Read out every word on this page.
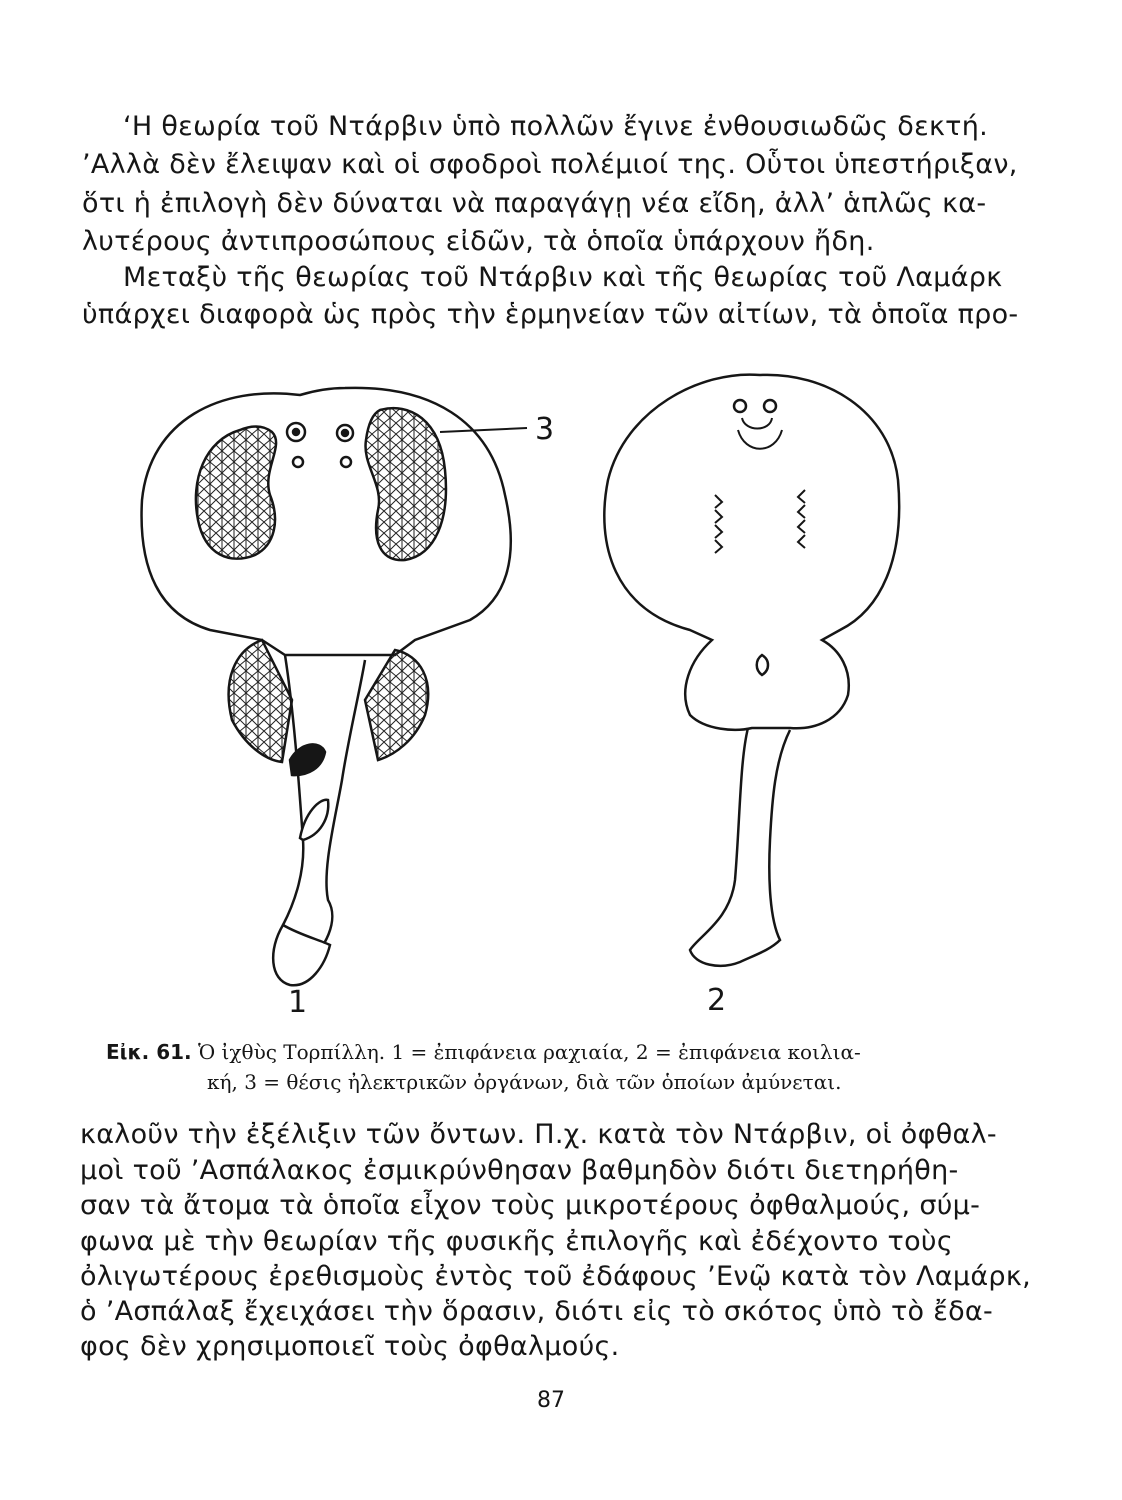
‘Η θεωρία τοῦ Ντάρβιν ὑπὸ πολλῶν ἔγινε ἐνθουσιωδῶς δεκτή.
’Αλλὰ δὲν ἔλειψαν καὶ οἱ σφοδροὶ πολέμιοί της. Οὗτοι ὑπεστήριξαν,
ὅτι ἡ ἐπιλογὴ δὲν δύναται νὰ παραγάγῃ νέα εἴδη, ἀλλ’ ἁπλῶς κα-
λυτέρους ἀντιπροσώπους εἰδῶν, τὰ ὁποῖα ὑπάρχουν ἤδη.
Μεταξὺ τῆς θεωρίας τοῦ Ντάρβιν καὶ τῆς θεωρίας τοῦ Λαμάρκ
ὑπάρχει διαφορὰ ὡς πρὸς τὴν ἑρμηνείαν τῶν αἰτίων, τὰ ὁποῖα προ-
3
1	2
Εἰκ. 61. Ὁ ἰχθὺς Τορπίλλη. 1 = ἐπιφάνεια ραχιαία, 2 = ἐπιφάνεια κοιλια-
κή, 3 = θέσις ἠλεκτρικῶν ὀργάνων, διὰ τῶν ὁποίων ἀμύνεται.
καλοῦν τὴν ἐξέλιξιν τῶν ὄντων. Π.χ. κατὰ τὸν Ντάρβιν, οἱ ὀφθαλ-
μοὶ τοῦ ’Ασπάλακος ἐσμικρύνθησαν βαθμηδὸν διότι διετηρήθη-
σαν τὰ ἄτομα τὰ ὁποῖα εἶχον τοὺς μικροτέρους ὀφθαλμούς, σύμ-
φωνα μὲ τὴν θεωρίαν τῆς φυσικῆς ἐπιλογῆς καὶ ἐδέχοντο τοὺς
ὀλιγωτέρους ἐρεθισμοὺς ἐντὸς τοῦ ἐδάφους ’Ενῷ κατὰ τὸν Λαμάρκ,
ὁ ’Ασπάλαξ ἔχειχάσει τὴν ὅρασιν, διότι εἰς τὸ σκότος ὑπὸ τὸ ἔδα-
φος δὲν χρησιμοποιεῖ τοὺς ὀφθαλμούς.
87
